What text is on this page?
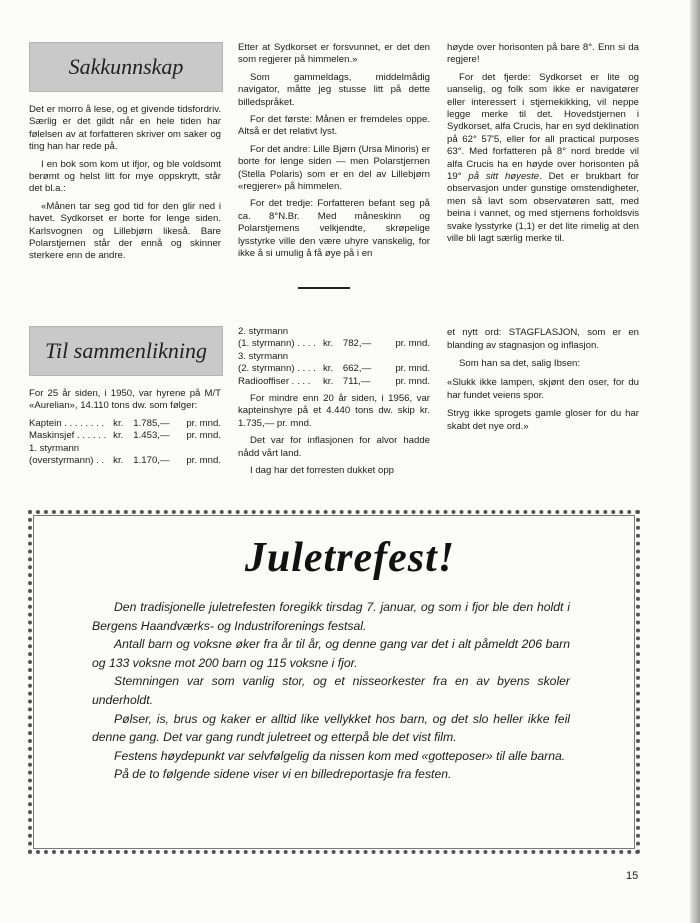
Sakkunnskap

Det er morro å lese, og et givende tidsfordriv. Særlig er det gildt når en hele tiden har følelsen av at forfatteren skriver om saker og ting han har rede på.

I en bok som kom ut ifjor, og ble voldsomt berømt og helst litt for mye oppskrytt, står det bl.a.:

«Månen tar seg god tid for den glir ned i havet. Sydkorset er borte for lenge siden. Karlsvognen og Lillebjørn likeså. Bare Polarstjernen står der ennå og skinner sterkere enn de andre.

Etter at Sydkorset er forsvunnet, er det den som regjerer på himmelen.»

Som gammeldags, middelmådig navigator, måtte jeg stusse litt på dette billedspråket.

For det første: Månen er fremdeles oppe. Altså er det relativt lyst.

For det andre: Lille Bjørn (Ursa Minoris) er borte for lenge siden — men Polarstjernen (Stella Polaris) som er en del av Lillebjørn «regjerer» på himmelen.

For det tredje: Forfatteren befant seg på ca. 8°N.Br. Med måneskinn og Polarstjernens velkjendte, skrøpelige lysstyrke ville den være uhyre vanskelig, for ikke å si umulig å få øye på i en

høyde over horisonten på bare 8°. Enn si da regjere!

For det fjerde: Sydkorset er lite og uanselig, og folk som ikke er navigatører eller interessert i stjernekikking, vil neppe legge merke til det. Hovedstjernen i Sydkorset, alfa Crucis, har en syd deklination på 62° 57'5, eller for all practical purposes 63°. Med forfatteren på 8° nord bredde vil alfa Crucis ha en høyde over horisonten på 19° på sitt høyeste. Det er brukbart for observasjon under gunstige omstendigheter, men så lavt som observatøren satt, med beina i vannet, og med stjernens forholdsvis svake lysstyrke (1,1) er det lite rimelig at den ville bli lagt særlig merke til.

Til sammenlikning

For 25 år siden, i 1950, var hyrene på M/T «Aurelian», 14.110 tons dw. som følger:

Kaptein . . . . . . . . kr.	1.785,—	pr. mnd.
Maskinsjef . . . . . . kr.	1.453,—	pr. mnd.
1. styrmann
(overstyrmann) . . kr.	1.170,—	pr. mnd.
2. styrmann
(1. styrmann) . . . . kr.	782,—	pr. mnd.
3. styrmann
(2. styrmann) . . . . kr.	662,—	pr. mnd.
Radiooffiser . . . .	kr.	711,—	pr. mnd.

For mindre enn 20 år siden, i 1956, var kapteinshyre på et 4.440 tons dw. skip kr. 1.735,— pr. mnd.

Det var for inflasjonen for alvor hadde nådd vårt land.

I dag har det forresten dukket opp

et nytt ord: STAGFLASJON, som er en blanding av stagnasjon og inflasjon.

Som han sa det, salig Ibsen:

«Slukk ikke lampen, skjønt den oser, for du har fundet veiens spor.

Stryg ikke sprogets gamle gloser for du har skabt det nye ord.»

Juletrefest!

Den tradisjonelle juletrefesten foregikk tirsdag 7. januar, og som i fjor ble den holdt i Bergens Haandværks- og Industriforenings festsal.

Antall barn og voksne øker fra år til år, og denne gang var det i alt påmeldt 206 barn og 133 voksne mot 200 barn og 115 voksne i fjor.

Stemningen var som vanlig stor, og et nisseorkester fra en av byens skoler underholdt.

Pølser, is, brus og kaker er alltid like vellykket hos barn, og det slo heller ikke feil denne gang. Det var gang rundt juletreet og etterpå ble det vist film.

Festens høydepunkt var selvfølgelig da nissen kom med «gotteposer» til alle barna.

På de to følgende sidene viser vi en billedreportasje fra festen.

15
